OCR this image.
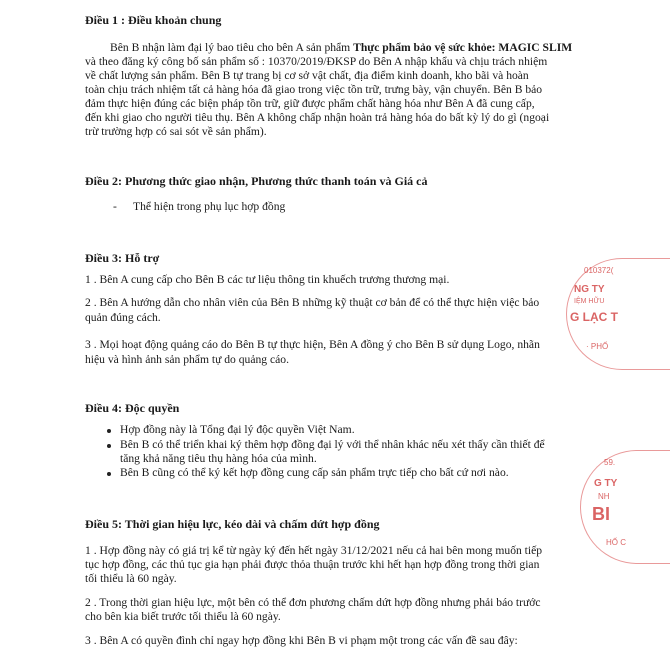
Điều 1 : Điều khoản chung
Bên B nhận làm đại lý bao tiêu cho bên A sản phẩm Thực phẩm bảo vệ sức khỏe: MAGIC SLIM
và theo đăng ký công bố sản phẩm số : 10370/2019/ĐKSP do Bên A nhập khẩu và chịu trách nhiệm
về chất lượng sản phẩm. Bên B tự trang bị cơ sở vật chất, địa điểm kinh doanh, kho bãi và hoàn
toàn chịu trách nhiệm tất cả hàng hóa đã giao trong việc tồn trữ, trưng bày, vận chuyển. Bên B bảo
đảm thực hiện đúng các biện pháp tồn trữ, giữ được phẩm chất hàng hóa như Bên A đã cung cấp,
đến khi giao cho người tiêu thụ. Bên A không chấp nhận hoàn trả hàng hóa do bất kỳ lý do gì (ngoại
trừ trường hợp có sai sót về sản phẩm).
Điều 2: Phương thức giao nhận, Phương thức thanh toán và Giá cả
- Thể hiện trong phụ lục hợp đồng
Điều 3: Hỗ trợ
1 . Bên A cung cấp cho Bên B các tư liệu thông tin khuếch trương thương mại.
2 . Bên A hướng dẫn cho nhân viên của Bên B những kỹ thuật cơ bản để có thể thực hiện việc bảo
quản đúng cách.
3 . Mọi hoạt động quảng cáo do Bên B tự thực hiện, Bên A đồng ý cho Bên B sử dụng Logo, nhãn
hiệu và hình ảnh sản phẩm tự do quảng cáo.
Điều 4: Độc quyền
Hợp đồng này là Tổng đại lý độc quyền Việt Nam.
Bên B có thể triển khai ký thêm hợp đồng đại lý với thể nhân khác nếu xét thấy cần thiết để
tăng khả năng tiêu thụ hàng hóa của mình.
Bên B cũng có thể ký kết hợp đồng cung cấp sản phẩm trực tiếp cho bất cứ nơi nào.
Điều 5: Thời gian hiệu lực, kéo dài và chấm dứt hợp đồng
1 . Hợp đồng này có giá trị kể từ ngày ký đến hết ngày 31/12/2021 nếu cả hai bên mong muốn tiếp
tục hợp đồng, các thủ tục gia hạn phải được thỏa thuận trước khi hết hạn hợp đồng trong thời gian
tối thiểu là 60 ngày.
2 . Trong thời gian hiệu lực, một bên có thể đơn phương chấm dứt hợp đồng nhưng phải báo trước
cho bên kia biết trước tối thiểu là 60 ngày.
3 . Bên A có quyền đình chỉ ngay hợp đồng khi Bên B vi phạm một trong các vấn đề sau đây:
010372(
NG TY
IỆM HỮU
G LẠC T
· PHỐ
59.
G TY
NH
BI
HỐ C
